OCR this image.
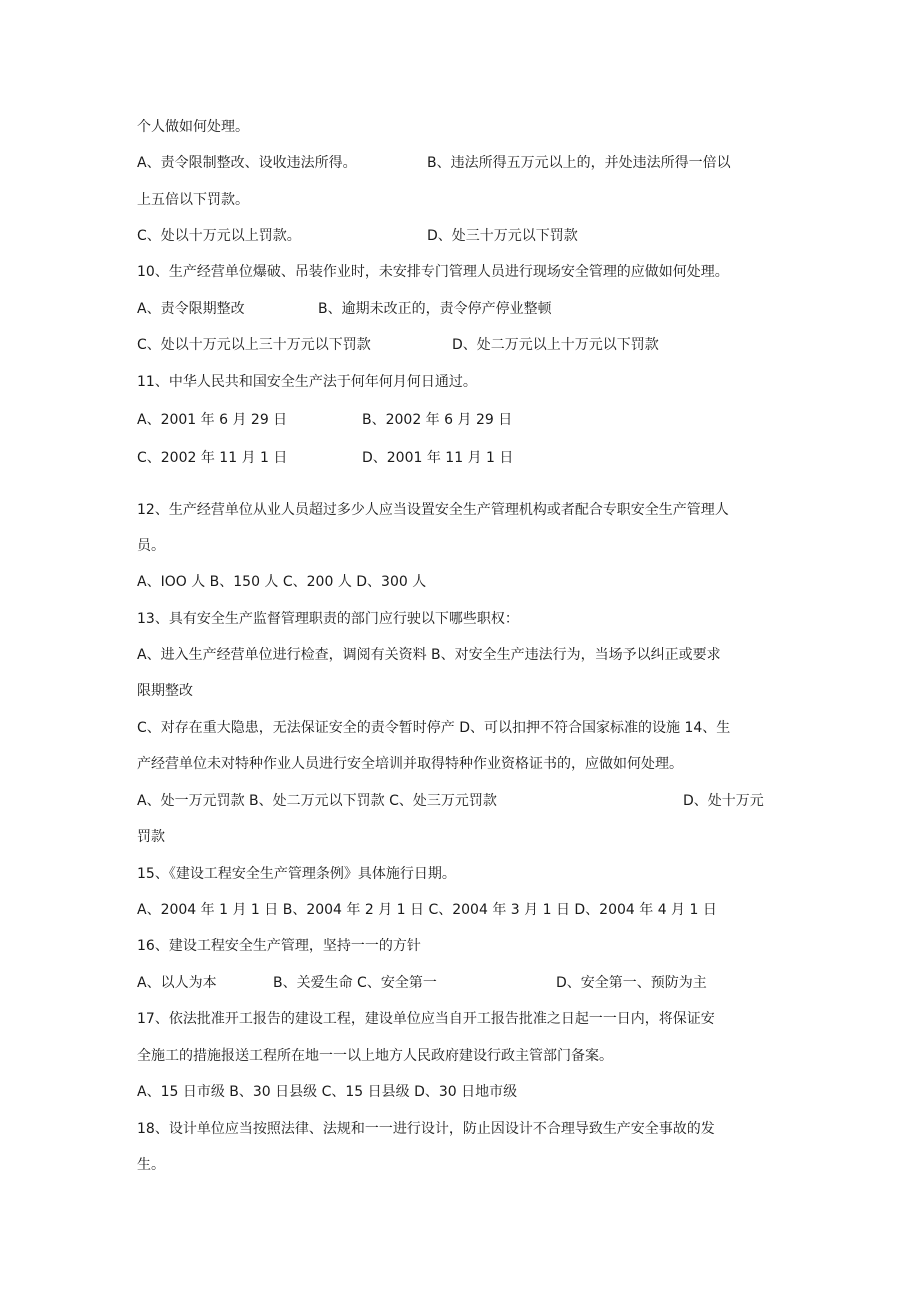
个人做如何处理。
A、责令限制整改、设收违法所得。	B、违法所得五万元以上的，并处违法所得一倍以
上五倍以下罚款。
C、处以十万元以上罚款。	D、处三十万元以下罚款
10、生产经营单位爆破、吊装作业时，未安排专门管理人员进行现场安全管理的应做如何处理。
A、责令限期整改	B、逾期未改正的，责令停产停业整顿
C、处以十万元以上三十万元以下罚款	D、处二万元以上十万元以下罚款
11、中华人民共和国安全生产法于何年何月何日通过。
A、2001 年 6 月 29 日	B、2002 年 6 月 29 日
C、2002 年 11 月 1 日	D、2001 年 11 月 1 日
12、生产经营单位从业人员超过多少人应当设置安全生产管理机构或者配合专职安全生产管理人
员。
A、IOO 人 B、150 人 C、200 人 D、300 人
13、具有安全生产监督管理职责的部门应行驶以下哪些职权：
A、进入生产经营单位进行检查，调阅有关资料 B、对安全生产违法行为，当场予以纠正或要求
限期整改
C、对存在重大隐患，无法保证安全的责令暂时停产 D、可以扣押不符合国家标准的设施 14、生
产经营单位未对特种作业人员进行安全培训并取得特种作业资格证书的，应做如何处理。
A、处一万元罚款 B、处二万元以下罚款 C、处三万元罚款	D、处十万元
罚款
15、《建设工程安全生产管理条例》具体施行日期。
A、2004 年 1 月 1 日 B、2004 年 2 月 1 日 C、2004 年 3 月 1 日 D、2004 年 4 月 1 日
16、建设工程安全生产管理，坚持一一的方针
A、以人为本	B、关爱生命 C、安全第一	D、安全第一、预防为主
17、依法批准开工报告的建设工程，建设单位应当自开工报告批准之日起一一日内，将保证安
全施工的措施报送工程所在地一一以上地方人民政府建设行政主管部门备案。
A、15 日市级 B、30 日县级 C、15 日县级 D、30 日地市级
18、设计单位应当按照法律、法规和一一进行设计，防止因设计不合理导致生产安全事故的发
生。
